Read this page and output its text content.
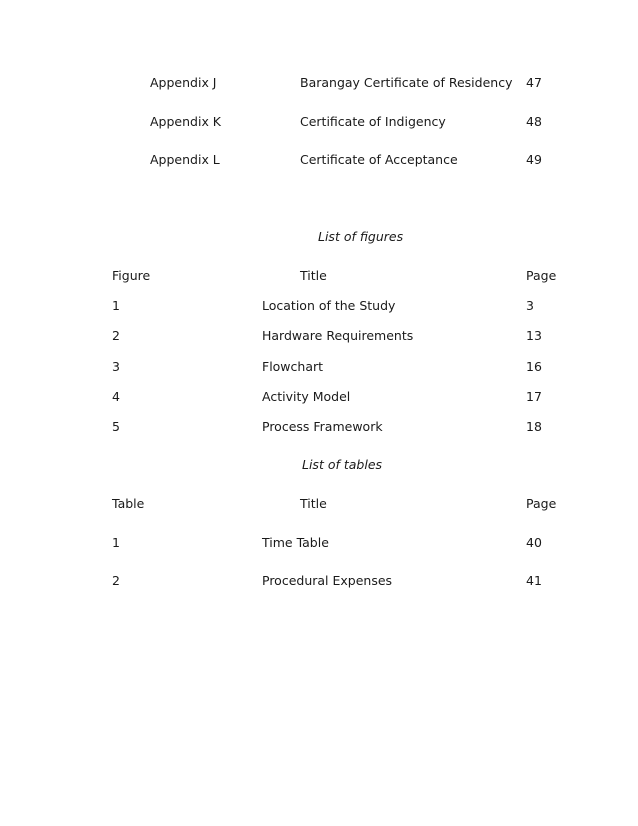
Appendix J	Barangay Certificate of Residency 47
Appendix K	Certificate of Indigency	48
Appendix L	Certificate of Acceptance	49
List of figures
Figure	Title	Page
1	Location of the Study	3
2	Hardware Requirements	13
3	Flowchart	16
4	Activity Model	17
5	Process Framework	18
List of tables
Table	Title	Page
1	Time Table	40
2	Procedural Expenses	41
